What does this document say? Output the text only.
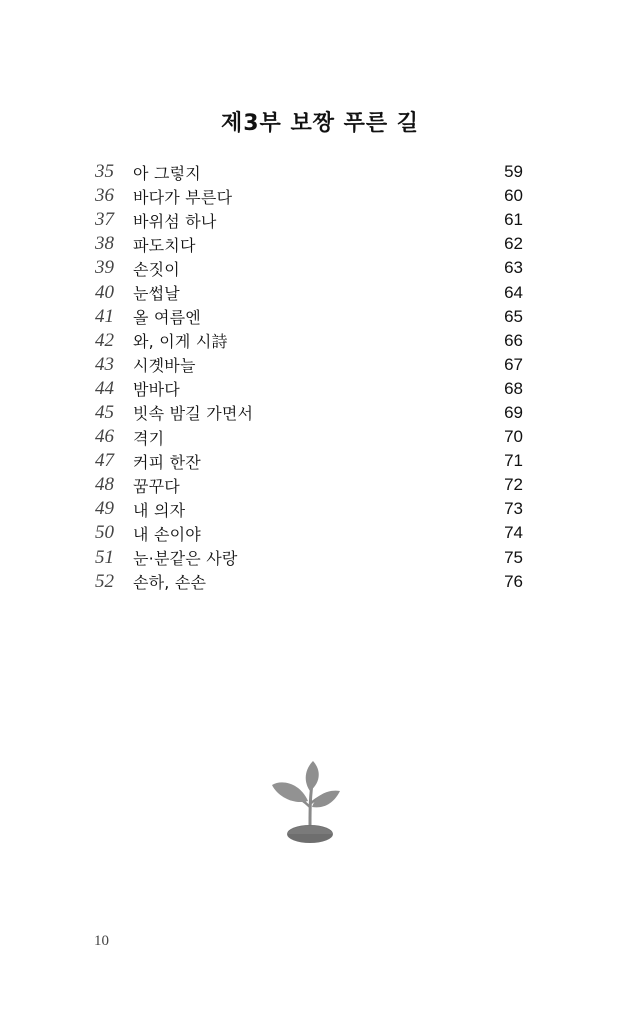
제3부 보짱 푸른 길
35	아 그렇지	59
36	바다가 부른다	60
37	바위섬 하나	61
38	파도치다	62
39	손짓이	63
40	눈썹날	64
41	올 여름엔	65
42	와, 이게 시詩	66
43	시곗바늘	67
44	밤바다	68
45	빗속 밤길 가면서	69
46	격기	70
47	커피 한잔	71
48	꿈꾸다	72
49	내 의자	73
50	내 손이야	74
51	눈·분같은 사랑	75
52	손하, 손손	76
10
